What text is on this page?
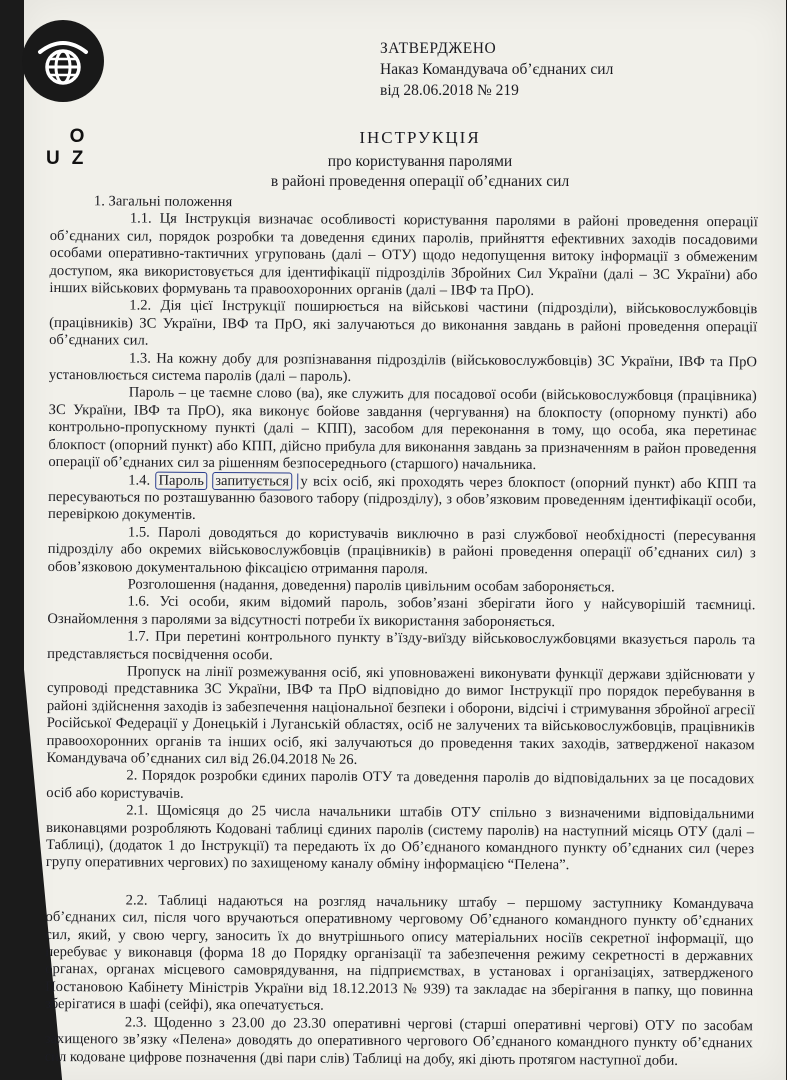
O
UZ
ЗАТВЕРДЖЕНО
Наказ Командувача об’єднаних сил
від 28.06.2018 № 219
ІНСТРУКЦІЯ
про користування паролями
в районі проведення операції об’єднаних сил

1. Загальні положення

1.1. Ця Інструкція визначає особливості користування паролями в районі проведення операції об’єднаних сил, порядок розробки та доведення єдиних паролів, прийняття ефективних заходів посадовими особами оперативно-тактичних угруповань (далі – ОТУ) щодо недопущення витоку інформації з обмеженим доступом, яка використовується для ідентифікації підрозділів Збройних Сил України (далі – ЗС України) або інших військових формувань та правоохоронних органів (далі – ІВФ та ПрО).

1.2. Дія цієї Інструкції поширюється на військові частини (підрозділи), військовослужбовців (працівників) ЗС України, ІВФ та ПрО, які залучаються до виконання завдань в районі проведення операції об’єднаних сил.

1.3. На кожну добу для розпізнавання підрозділів (військовослужбовців) ЗС України, ІВФ та ПрО установлюється система паролів (далі – пароль).

Пароль – це таємне слово (ва), яке служить для посадової особи (військовослужбовця (працівника) ЗС України, ІВФ та ПрО), яка виконує бойове завдання (чергування) на блокпосту (опорному пункті) або контрольно-пропускному пункті (далі – КПП), засобом для переконання в тому, що особа, яка перетинає блокпост (опорний пункт) або КПП, дійсно прибула для виконання завдань за призначенням в район проведення операції об’єднаних сил за рішенням безпосереднього (старшого) начальника.

1.4. Пароль запитується у всіх осіб, які проходять через блокпост (опорний пункт) або КПП та пересуваються по розташуванню базового табору (підрозділу), з обов’язковим проведенням ідентифікації особи, перевіркою документів.

1.5. Паролі доводяться до користувачів виключно в разі службової необхідності (пересування підрозділу або окремих військовослужбовців (працівників) в районі проведення операції об’єднаних сил) з обов’язковою документальною фіксацією отримання пароля.

Розголошення (надання, доведення) паролів цивільним особам забороняється.

1.6. Усі особи, яким відомий пароль, зобов’язані зберігати його у найсуворішій таємниці. Ознайомлення з паролями за відсутності потреби їх використання забороняється.

1.7. При перетині контрольного пункту в’їзду-виїзду військовослужбовцями вказується пароль та представляється посвідчення особи.

Пропуск на лінії розмежування осіб, які уповноважені виконувати функції держави здійснювати у супроводі представника ЗС України, ІВФ та ПрО відповідно до вимог Інструкції про порядок перебування в районі здійснення заходів із забезпечення національної безпеки і оборони, відсічі і стримування збройної агресії Російської Федерації у Донецькій і Луганській областях, осіб не залучених та військовослужбовців, працівників правоохоронних органів та інших осіб, які залучаються до проведення таких заходів, затвердженої наказом Командувача об’єднаних сил від 26.04.2018 № 26.

2. Порядок розробки єдиних паролів ОТУ та доведення паролів до відповідальних за це посадових осіб або користувачів.

2.1. Щомісяця до 25 числа начальники штабів ОТУ спільно з визначеними відповідальними виконавцями розробляють Кодовані таблиці єдиних паролів (систему паролів) на наступний місяць ОТУ (далі – Таблиці), (додаток 1 до Інструкції) та передають їх до Об’єднаного командного пункту об’єднаних сил (через групу оперативних чергових) по захищеному каналу обміну інформацією “Пелена”.

2.2. Таблиці надаються на розгляд начальнику штабу – першому заступнику Командувача об’єднаних сил, після чого вручаються оперативному черговому Об’єднаного командного пункту об’єднаних сил, який, у свою чергу, заносить їх до внутрішнього опису матеріальних носіїв секретної інформації, що перебуває у виконавця (форма 18 до Порядку організації та забезпечення режиму секретності в державних органах, органах місцевого самоврядування, на підприємствах, в установах і організаціях, затвердженого Постановою Кабінету Міністрів України від 18.12.2013 № 939) та закладає на зберігання в папку, що повинна зберігатися в шафі (сейфі), яка опечатується.

2.3. Щоденно з 23.00 до 23.30 оперативні чергові (старші оперативні чергові) ОТУ по засобам захищеного зв’язку «Пелена» доводять до оперативного чергового Об’єднаного командного пункту об’єднаних сил кодоване цифрове позначення (дві пари слів) Таблиці на добу, які діють протягом наступної доби.
